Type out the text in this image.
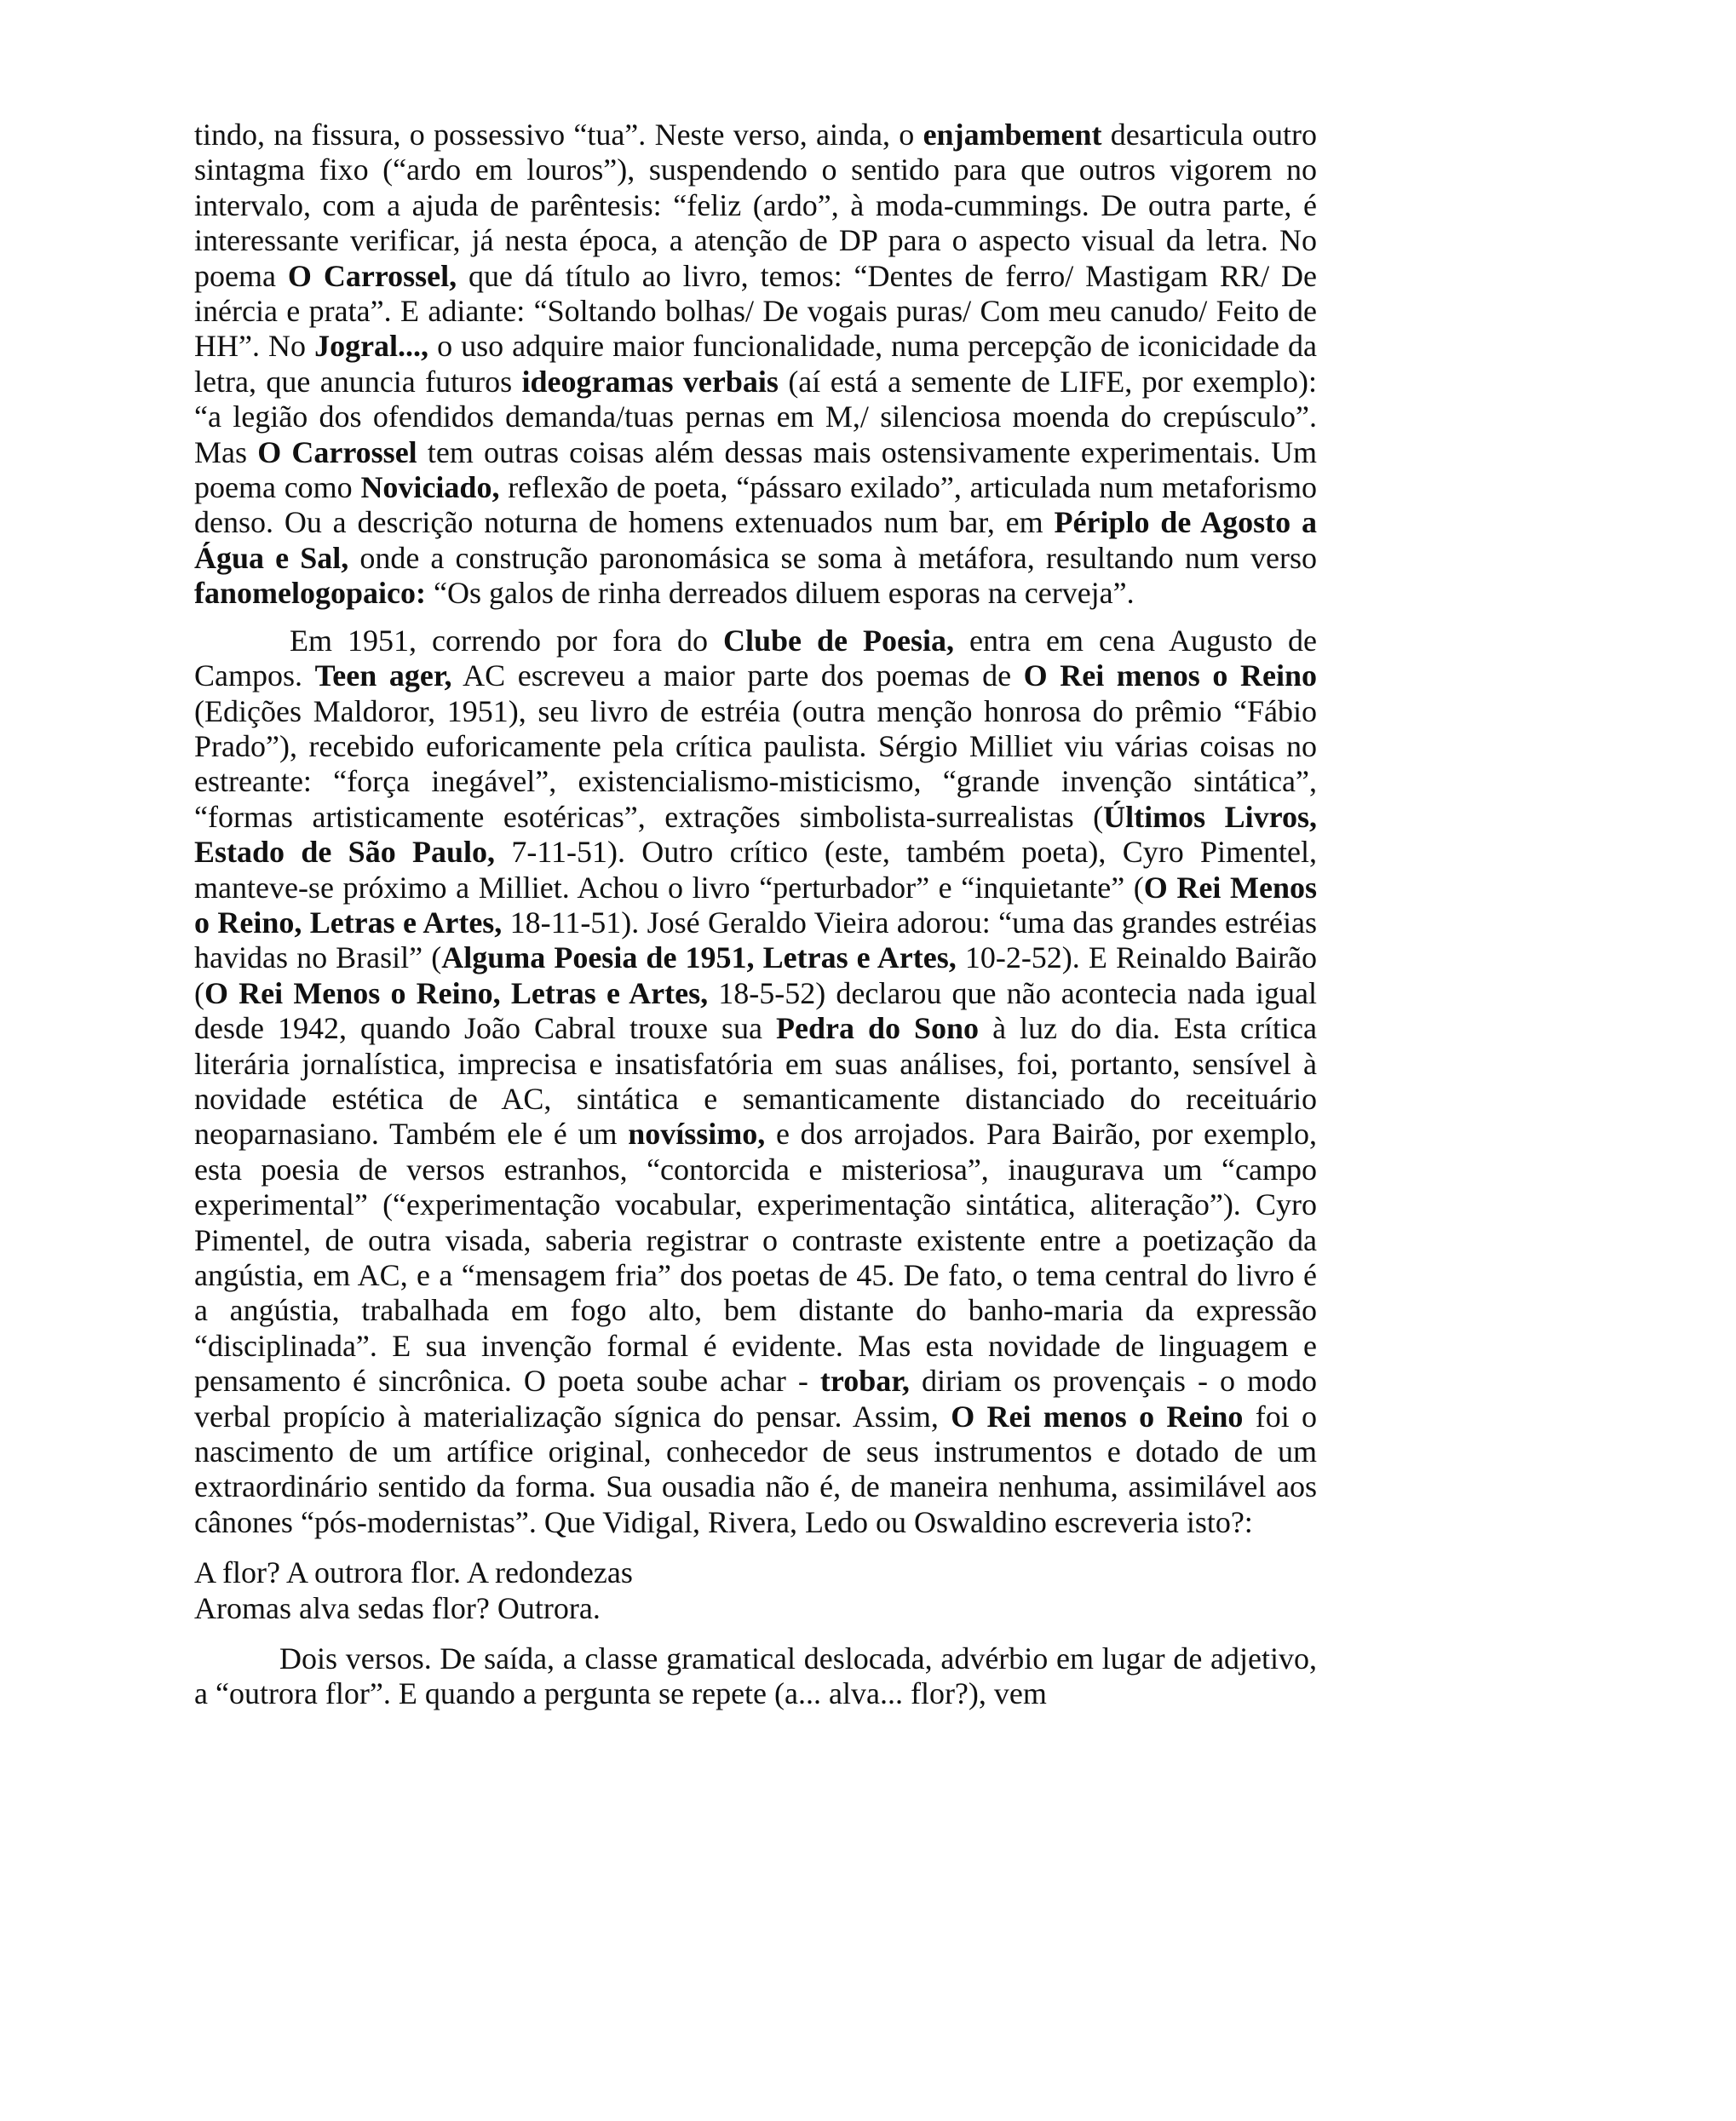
tindo, na fissura, o possessivo “tua”. Neste verso, ainda, o enjambement desarticula outro sintagma fixo (“ardo em louros”), suspendendo o sentido para que outros vigorem no intervalo, com a ajuda de parêntesis: “feliz (ardo”, à moda-cummings. De outra parte, é interessante verificar, já nesta época, a atenção de DP para o aspecto visual da letra. No poema O Carrossel, que dá título ao livro, temos: “Dentes de ferro/ Mastigam RR/ De inércia e prata”. E adiante: “Soltando bolhas/ De vogais puras/ Com meu canudo/ Feito de HH”. No Jogral..., o uso adquire maior funcionalidade, numa percepção de iconicidade da letra, que anuncia futuros ideogramas verbais (aí está a semente de LIFE, por exemplo): “a legião dos ofendidos demanda/tuas pernas em M,/ silenciosa moenda do crepúsculo”. Mas O Carrossel tem outras coisas além dessas mais ostensivamente experimentais. Um poema como Noviciado, reflexão de poeta, “pássaro exilado”, articulada num metaforismo denso. Ou a descrição noturna de homens extenuados num bar, em Périplo de Agosto a Água e Sal, onde a construção paronomásica se soma à metáfora, resultando num verso fanomelogopaico: “Os galos de rinha derreados diluem esporas na cerveja”.

Em 1951, correndo por fora do Clube de Poesia, entra em cena Augusto de Campos. Teen ager, AC escreveu a maior parte dos poemas de O Rei menos o Reino (Edições Maldoror, 1951), seu livro de estréia (outra menção honrosa do prêmio “Fábio Prado”), recebido euforicamente pela crítica paulista. Sérgio Milliet viu várias coisas no estreante: “força inegável”, existencialismo-misticismo, “grande invenção sintática”, “formas artisticamente esotéricas”, extrações simbolista-surrealistas (Últimos Livros, Estado de São Paulo, 7-11-51). Outro crítico (este, também poeta), Cyro Pimentel, manteve-se próximo a Milliet. Achou o livro “perturbador” e “inquietante” (O Rei Menos o Reino, Letras e Artes, 18-11-51). José Geraldo Vieira adorou: “uma das grandes estréias havidas no Brasil” (Alguma Poesia de 1951, Letras e Artes, 10-2-52). E Reinaldo Bairão (O Rei Menos o Reino, Letras e Artes, 18-5-52) declarou que não acontecia nada igual desde 1942, quando João Cabral trouxe sua Pedra do Sono à luz do dia. Esta crítica literária jornalística, imprecisa e insatisfatória em suas análises, foi, portanto, sensível à novidade estética de AC, sintática e semanticamente distanciado do receituário neoparnasiano. Também ele é um novíssimo, e dos arrojados. Para Bairão, por exemplo, esta poesia de versos estranhos, “contorcida e misteriosa”, inaugurava um “campo experimental” (“experimentação vocabular, experimentação sintática, aliteração”). Cyro Pimentel, de outra visada, saberia registrar o contraste existente entre a poetização da angústia, em AC, e a “mensagem fria” dos poetas de 45. De fato, o tema central do livro é a angústia, trabalhada em fogo alto, bem distante do banho-maria da expressão “disciplinada”. E sua invenção formal é evidente. Mas esta novidade de linguagem e pensamento é sincrônica. O poeta soube achar - trobar, diriam os provençais - o modo verbal propício à materialização sígnica do pensar. Assim, O Rei menos o Reino foi o nascimento de um artífice original, conhecedor de seus instrumentos e dotado de um extraordinário sentido da forma. Sua ousadia não é, de maneira nenhuma, assimilável aos cânones “pós-modernistas”. Que Vidigal, Rivera, Ledo ou Oswaldino escreveria isto?:

A flor? A outrora flor. A redondezas
Aromas alva sedas flor? Outrora.

Dois versos. De saída, a classe gramatical deslocada, advérbio em lugar de adjetivo, a “outrora flor”. E quando a pergunta se repete (a... alva... flor?), vem
